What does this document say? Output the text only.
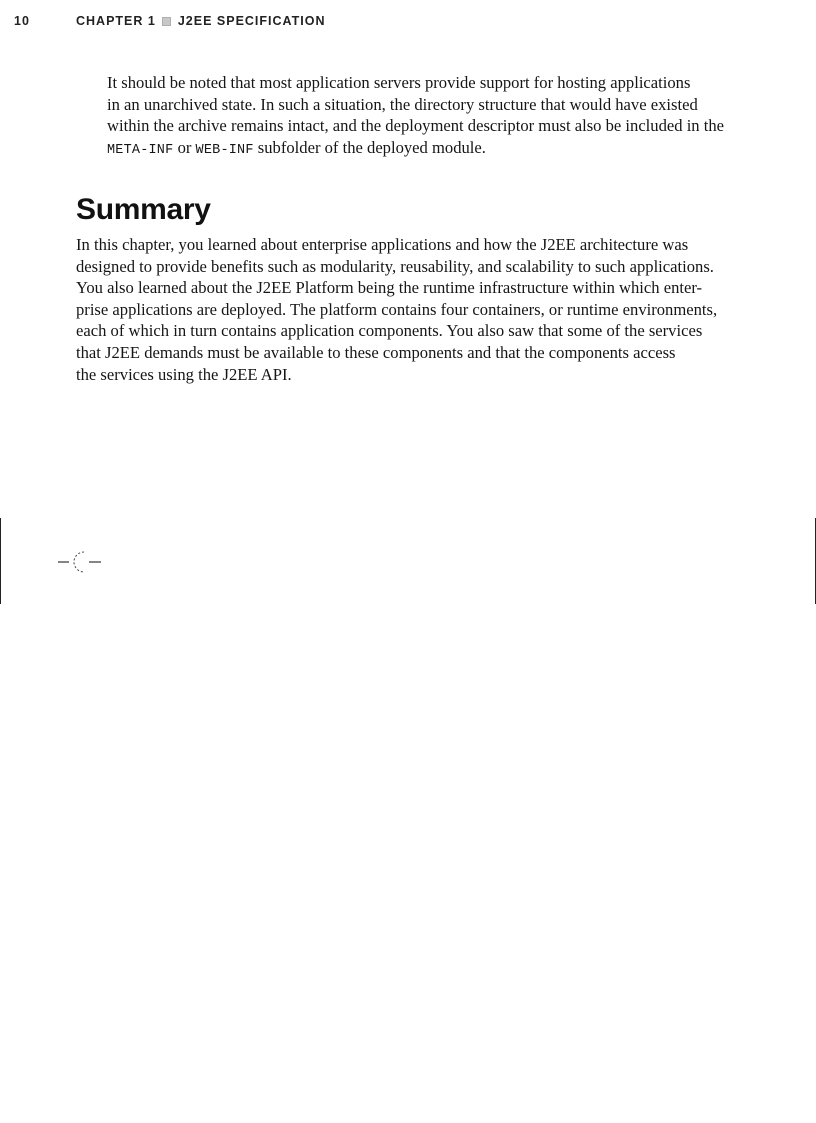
10	CHAPTER 1 J2EE SPECIFICATION

It should be noted that most application servers provide support for hosting applications
in an unarchived state. In such a situation, the directory structure that would have existed
within the archive remains intact, and the deployment descriptor must also be included in the
META-INF or WEB-INF subfolder of the deployed module.

Summary

In this chapter, you learned about enterprise applications and how the J2EE architecture was
designed to provide benefits such as modularity, reusability, and scalability to such applications.
You also learned about the J2EE Platform being the runtime infrastructure within which enter-
prise applications are deployed. The platform contains four containers, or runtime environments,
each of which in turn contains application components. You also saw that some of the services
that J2EE demands must be available to these components and that the components access
the services using the J2EE API.
